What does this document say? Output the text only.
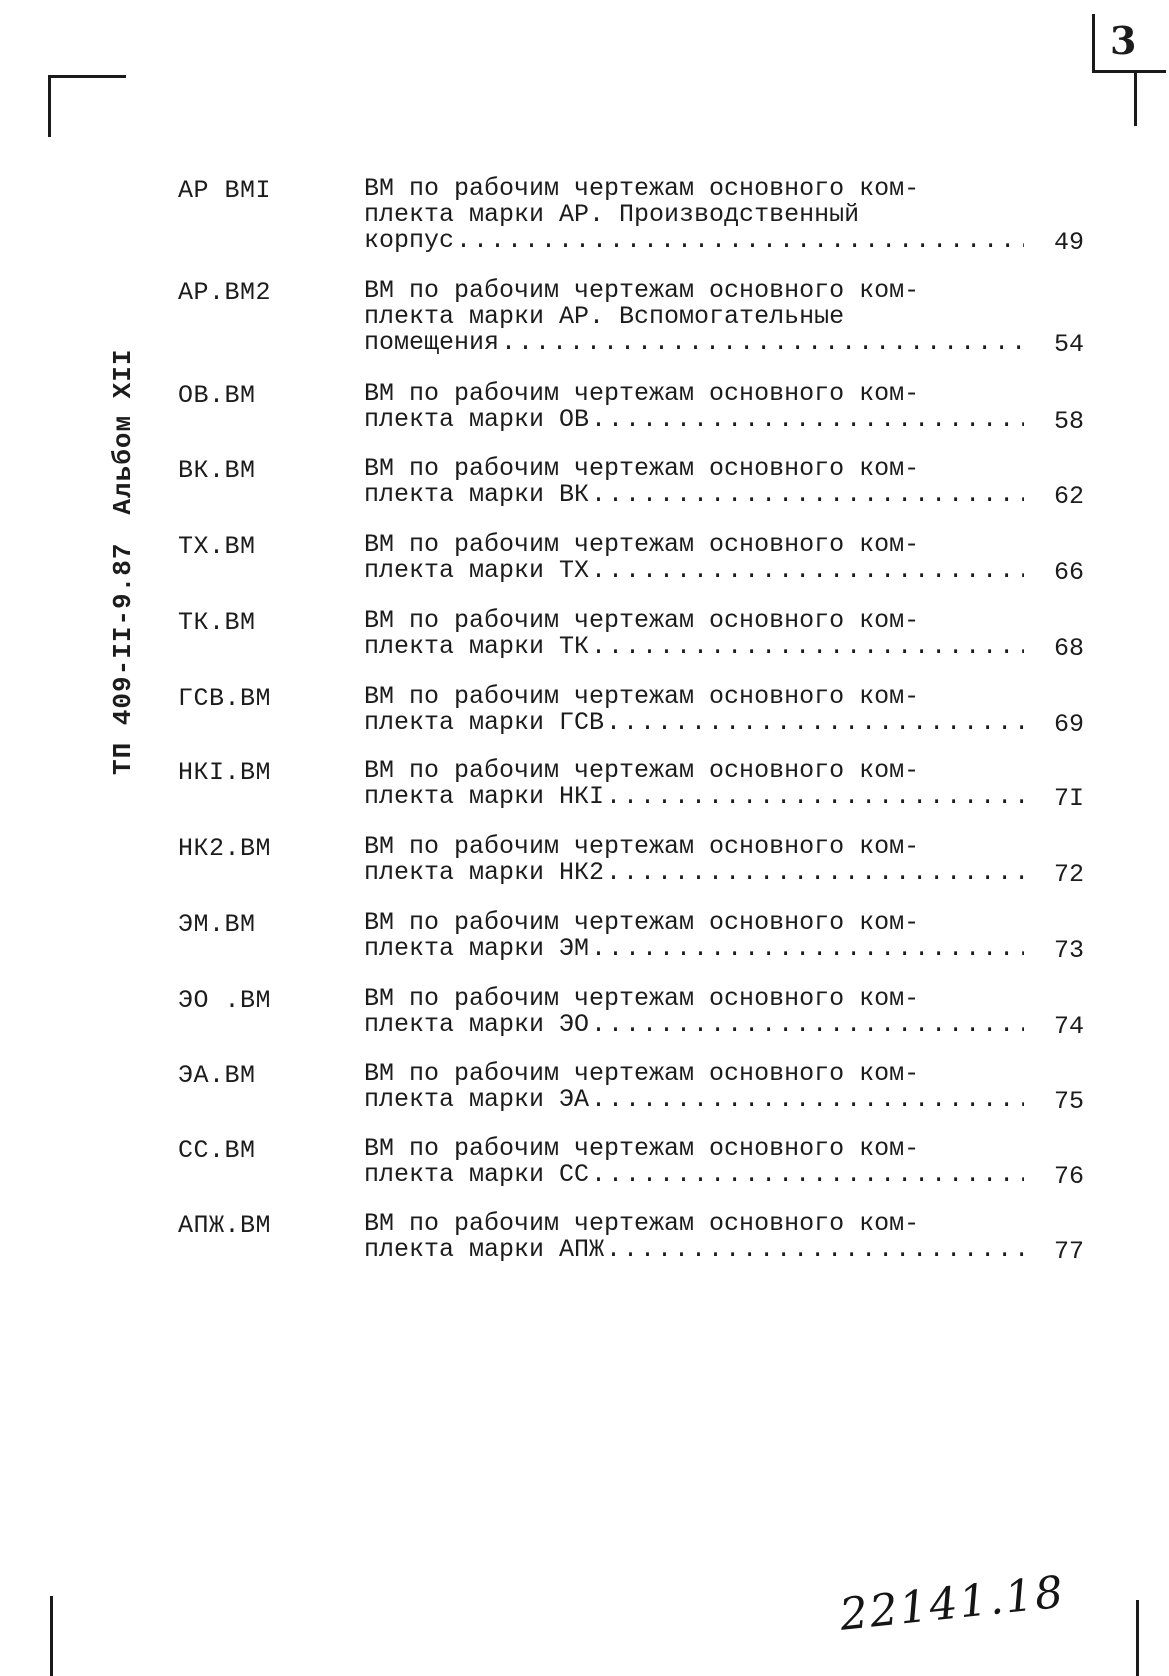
3
ТП 409-II-9.87Альбом XII
АР ВМI	ВМ по рабочим чертежам основного ком-
плекта марки АР. Производственный
корпус .....	49
АР.ВМ2	ВМ по рабочим чертежам основного ком-
плекта марки АР. Вспомогательные
помещения .....	54
ОВ.ВМ	ВМ по рабочим чертежам основного ком-
плекта марки ОВ .....	58
ВК.ВМ	ВМ по рабочим чертежам основного ком-
плекта марки ВК .....	62
ТХ.ВМ	ВМ по рабочим чертежам основного ком-
плекта марки ТХ .....	66
ТК.ВМ	ВМ по рабочим чертежам основного ком-
плекта марки ТК .....	68
ГСВ.ВМ	ВМ по рабочим чертежам основного ком-
плекта марки ГСВ .....	69
НКI.ВМ	ВМ по рабочим чертежам основного ком-
плекта марки НКI .....	7I
НК2.ВМ	ВМ по рабочим чертежам основного ком-
плекта марки НК2 .....	72
ЭМ.ВМ	ВМ по рабочим чертежам основного ком-
плекта марки ЭМ .....	73
ЭО .ВМ	ВМ по рабочим чертежам основного ком-
плекта марки ЭО .....	74
ЭА.ВМ	ВМ по рабочим чертежам основного ком-
плекта марки ЭА .....	75
СС.ВМ	ВМ по рабочим чертежам основного ком-
плекта марки СС .....	76
АПЖ.ВМ	ВМ по рабочим чертежам основного ком-
плекта марки АПЖ .....	77
22141.18
